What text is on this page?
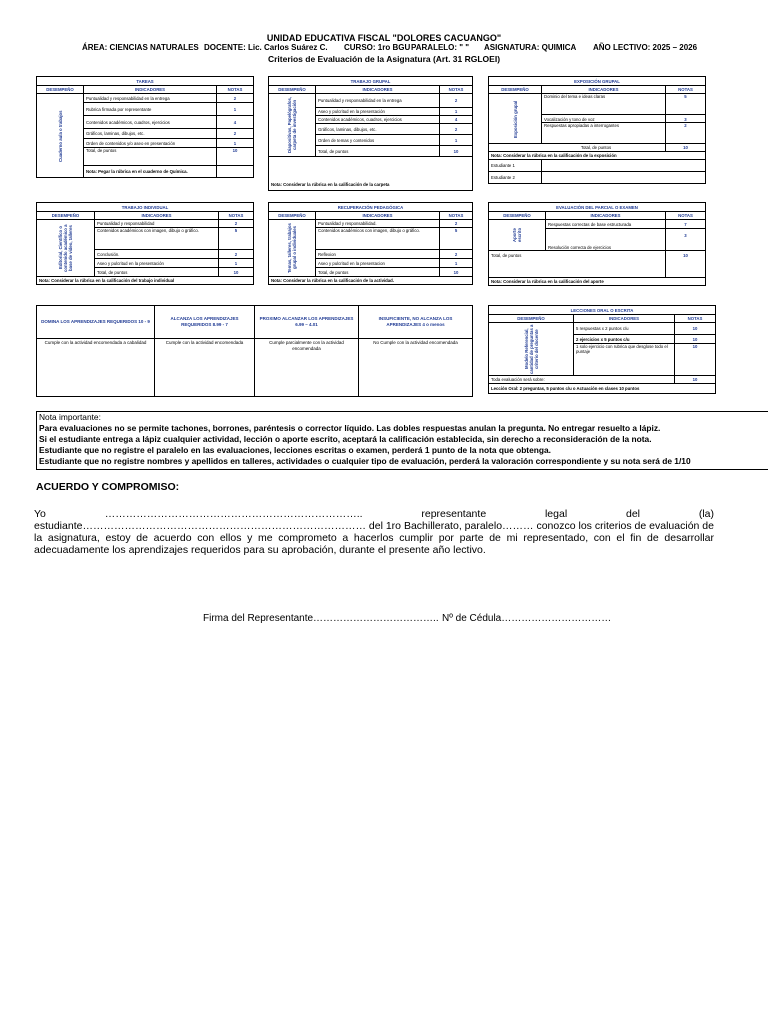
UNIDAD EDUCATIVA FISCAL "DOLORES CACUANGO"
ÁREA: CIENCIAS NATURALES DOCENTE: Lic. Carlos Suárez C. CURSO: 1ro BGU PARALELO: " " ASIGNATURA: QUIMICA AÑO LECTIVO: 2025 – 2026
Criterios de Evaluación de la Asignatura (Art. 31 RGLOEI)
TAREAS		
DESEMPEÑO	INDICADORES	NOTAS

Cuaderno aula o trabajos	Puntualidad y responsabilidad en la entrega	2
	Rubrica firmada por representante	1
	Contenidos académicos, cuadros, ejercicios	4
	Gráficos, laminas, dibujos, etc.	2
	Orden de contenidos y/o aseo en presentación	1
	Total, de puntos	10
	Nota: Pegar la rúbrica en el cuaderno de Química.	
TRABAJO GRUPAL		
DESEMPEÑO	INDICADORES	NOTAS

Diapositivas, Papelógrafos, carpeta de investigación	Puntualidad y responsabilidad en la entrega	2
	Aseo y pulcritud en la presentación	1
	Contenidos académicos, cuadros, ejercicios	4
	Gráficos, laminas, dibujos, etc.	2
	Orden de temas y contenidos	1
	Total, de puntos	10
Nota: Considerar la rúbrica en la calificación de la carpeta		
EXPOSICIÓN GRUPAL		
DESEMPEÑO	INDICADORES	NOTAS

Exposición grupal	Dominio del tema e ideas claras	5
	Vocalización y tono de voz	3
	Respuestas apropiadas a interrogantes	2
Total, de puntos		10
Nota: Considerar la rúbrica en la calificación de la exposición		
Estudiante 1		
Estudiante 2		
TRABAJO INDIVIDUAL		
DESEMPEÑO	INDICADORES	NOTAS

Editorial, Científico o contenido académico a base de video, talleres	Puntualidad y responsabilidad	2
	Contenidos académicos con imagen, dibujo o gráfico.	5
	Conclusión.	2
	Aseo y pulcritud en la presentación	1
	Total, de puntos	10
Nota: Considerar la rúbrica en la calificación del trabajo individual		
RECUPERACIÓN PEDAGÓGICA		
DESEMPEÑO	INDICADORES	NOTAS

Temas, talleres, trabajos grupal o individuales	Puntualidad y responsabilidad.	2
	Contenidos académicos con imagen, dibujo o gráfico.	5
	Reflexion	2
	Aseo y pulcritud en la presentacion	1
	Total, de puntos	10
Nota: Considerar la rúbrica en la calificación de la actividad.		
EVALUACIÓN DEL PARCIAL O EXAMEN		
DESEMPEÑO	INDICADORES	NOTAS

Aporte escrito	Respuestas correctas de base estructurada	7
	Resolución correcta de ejercicios	3
Total, de puntos		10
Nota: Considerar la rúbrica en la calificación del aporte		
DOMINA LOS APRENDIZAJES REQUERIDOS 10 - 9	ALCANZA LOS APRENDIZAJES REQUERIDOS 8.99 - 7	PROXIMO ALCANZAR LOS APRENDIZAJES 6.99 – 4.01	INSUFICIENTE, NO ALCANZA LOS APRENDIZAJES 4 o menos
Cumple con la actividad encomendada a cabalidad	Cumple con la actividad encomendada	Cumple parcialmente con la actividad encomendada	No Cumple con la actividad encomendada
LECCIONES ORAL O ESCRITA		
DESEMPEÑO	INDICADORES	NOTAS

Modelo Referencial, cantidad de preguntas a criterio del docente	5 respuestas x 2 puntos c/u	10
	2 ejercicios x 5 puntos c/u	10
	1 solo ejercicio con rubrica que desglose todo el puntaje	10
Toda evaluación será sobre:		10
Lección Oral: 2 preguntas, 5 puntos c/u o Actuación en clases 10 puntos		
Nota importante:
Para evaluaciones no se permite tachones, borrones, paréntesis o corrector líquido. Las dobles respuestas anulan la pregunta. No entregar resuelto a lápiz.
Si el estudiante entrega a lápiz cualquier actividad, lección o aporte escrito, aceptará la calificación establecida, sin derecho a reconsideración de la nota.
Estudiante que no registre el paralelo en las evaluaciones, lecciones escritas o examen, perderá 1 punto de la nota que obtenga.
Estudiante que no registre nombres y apellidos en talleres, actividades o cualquier tipo de evaluación, perderá la valoración correspondiente y su nota será de 1/10
ACUERDO Y COMPROMISO:
Yo ……………………………………………………………….. representante legal del (la) estudiante……………………………………………………………………… del 1ro Bachillerato, paralelo……… conozco los criterios de evaluación de la asignatura, estoy de acuerdo con ellos y me comprometo a hacerlos cumplir por parte de mi representado, con el fin de desarrollar adecuadamente los aprendizajes requeridos para su aprobación, durante el presente año lectivo.
Firma del Representante……………………………….. Nº de Cédula……………………………
